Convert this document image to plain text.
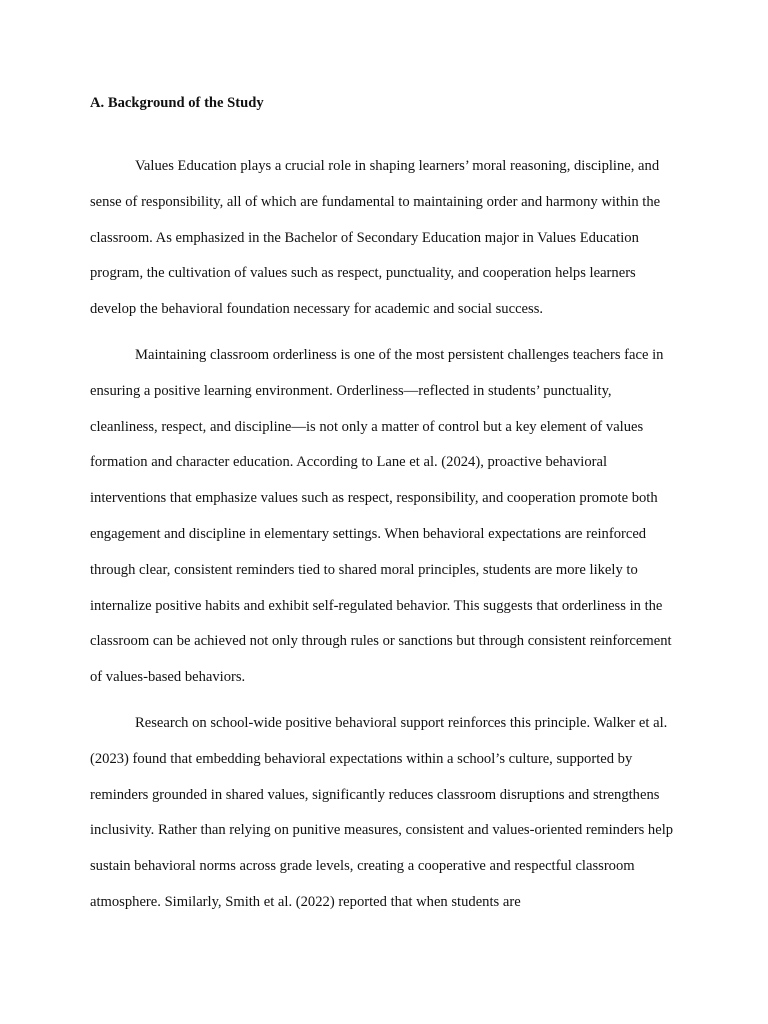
A. Background of the Study

Values Education plays a crucial role in shaping learners’ moral reasoning, discipline, and sense of responsibility, all of which are fundamental to maintaining order and harmony within the classroom. As emphasized in the Bachelor of Secondary Education major in Values Education program, the cultivation of values such as respect, punctuality, and cooperation helps learners develop the behavioral foundation necessary for academic and social success.

Maintaining classroom orderliness is one of the most persistent challenges teachers face in ensuring a positive learning environment. Orderliness—reflected in students’ punctuality, cleanliness, respect, and discipline—is not only a matter of control but a key element of values formation and character education. According to Lane et al. (2024), proactive behavioral interventions that emphasize values such as respect, responsibility, and cooperation promote both engagement and discipline in elementary settings. When behavioral expectations are reinforced through clear, consistent reminders tied to shared moral principles, students are more likely to internalize positive habits and exhibit self-regulated behavior. This suggests that orderliness in the classroom can be achieved not only through rules or sanctions but through consistent reinforcement of values-based behaviors.

Research on school-wide positive behavioral support reinforces this principle. Walker et al. (2023) found that embedding behavioral expectations within a school’s culture, supported by reminders grounded in shared values, significantly reduces classroom disruptions and strengthens inclusivity. Rather than relying on punitive measures, consistent and values-oriented reminders help sustain behavioral norms across grade levels, creating a cooperative and respectful classroom atmosphere. Similarly, Smith et al. (2022) reported that when students are
